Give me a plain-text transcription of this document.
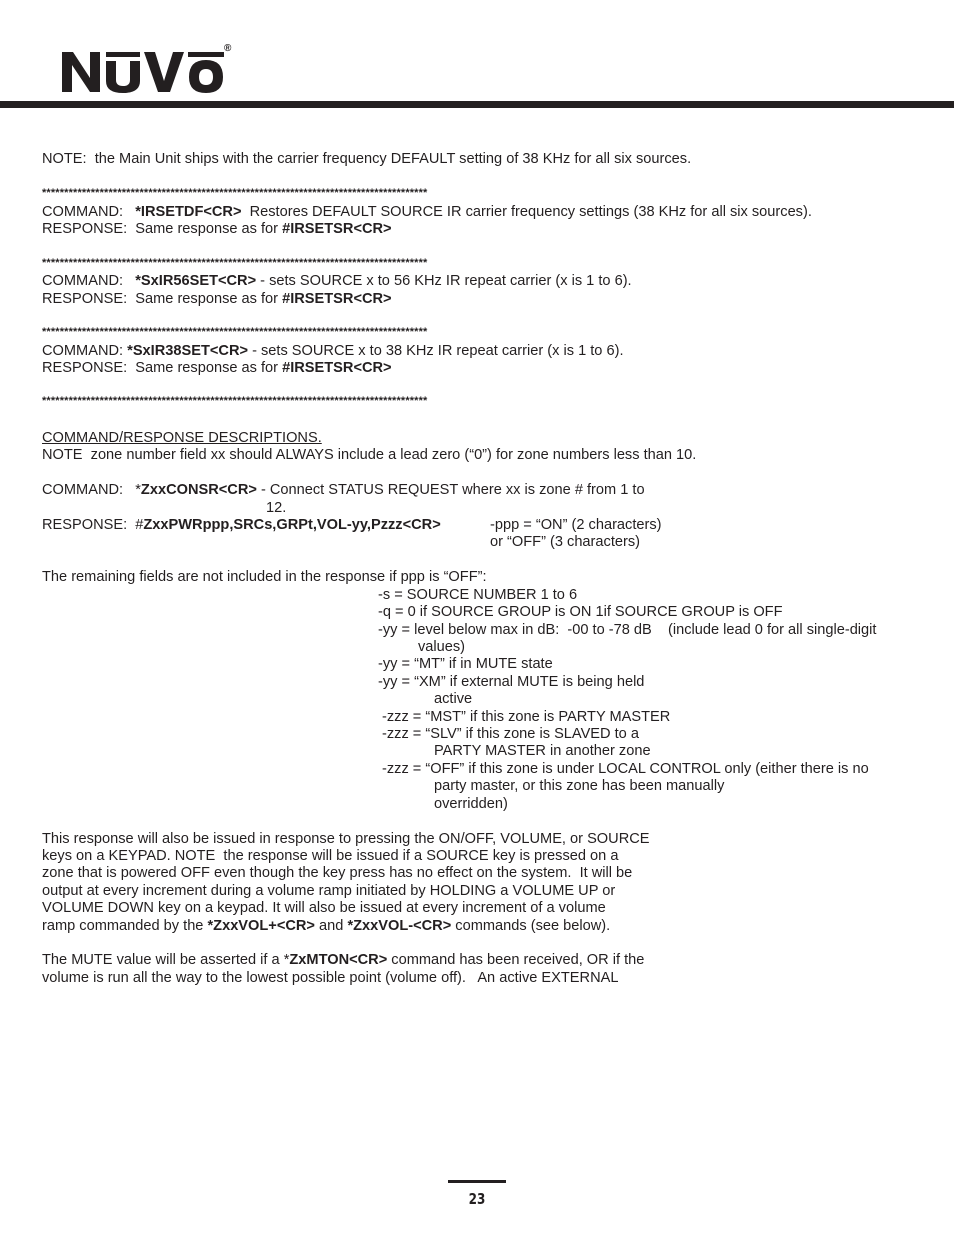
®
NOTE:  the Main Unit ships with the carrier frequency DEFAULT setting of 38 KHz for all six sources.
***************************************************************************************
COMMAND:   *IRSETDF<CR>  Restores DEFAULT SOURCE IR carrier frequency settings (38 KHz for all six sources).
RESPONSE:  Same response as for #IRSETSR<CR>
***************************************************************************************
COMMAND:   *SxIR56SET<CR> - sets SOURCE x to 56 KHz IR repeat carrier (x is 1 to 6).
RESPONSE:  Same response as for #IRSETSR<CR>
***************************************************************************************
COMMAND: *SxIR38SET<CR> - sets SOURCE x to 38 KHz IR repeat carrier (x is 1 to 6).
RESPONSE:  Same response as for #IRSETSR<CR>
***************************************************************************************
COMMAND/RESPONSE DESCRIPTIONS.
NOTE  zone number field xx should ALWAYS include a lead zero (“0”) for zone numbers less than 10.
COMMAND:   *ZxxCONSR<CR> - Connect STATUS REQUEST where xx is zone # from 1 to
12.
RESPONSE:  #ZxxPWRppp,SRCs,GRPt,VOL-yy,Pzzz<CR>	-ppp = “ON” (2 characters)
or “OFF” (3 characters)
The remaining fields are not included in the response if ppp is “OFF”:
-s = SOURCE NUMBER 1 to 6
-q = 0 if SOURCE GROUP is ON 1if SOURCE GROUP is OFF
-yy = level below max in dB:  -00 to -78 dB    (include lead 0 for all single-digit
values)
-yy = “MT” if in MUTE state
-yy = “XM” if external MUTE is being held
active
-zzz = “MST” if this zone is PARTY MASTER
-zzz = “SLV” if this zone is SLAVED to a
PARTY MASTER in another zone
-zzz = “OFF” if this zone is under LOCAL CONTROL only (either there is no
party master, or this zone has been manually
overridden)
This response will also be issued in response to pressing the ON/OFF, VOLUME, or SOURCE
keys on a KEYPAD. NOTE  the response will be issued if a SOURCE key is pressed on a
zone that is powered OFF even though the key press has no effect on the system.  It will be
output at every increment during a volume ramp initiated by HOLDING a VOLUME UP or
VOLUME DOWN key on a keypad. It will also be issued at every increment of a volume
ramp commanded by the *ZxxVOL+<CR> and *ZxxVOL-<CR> commands (see below).
The MUTE value will be asserted if a *ZxMTON<CR> command has been received, OR if the
volume is run all the way to the lowest possible point (volume off).   An active EXTERNAL
23
